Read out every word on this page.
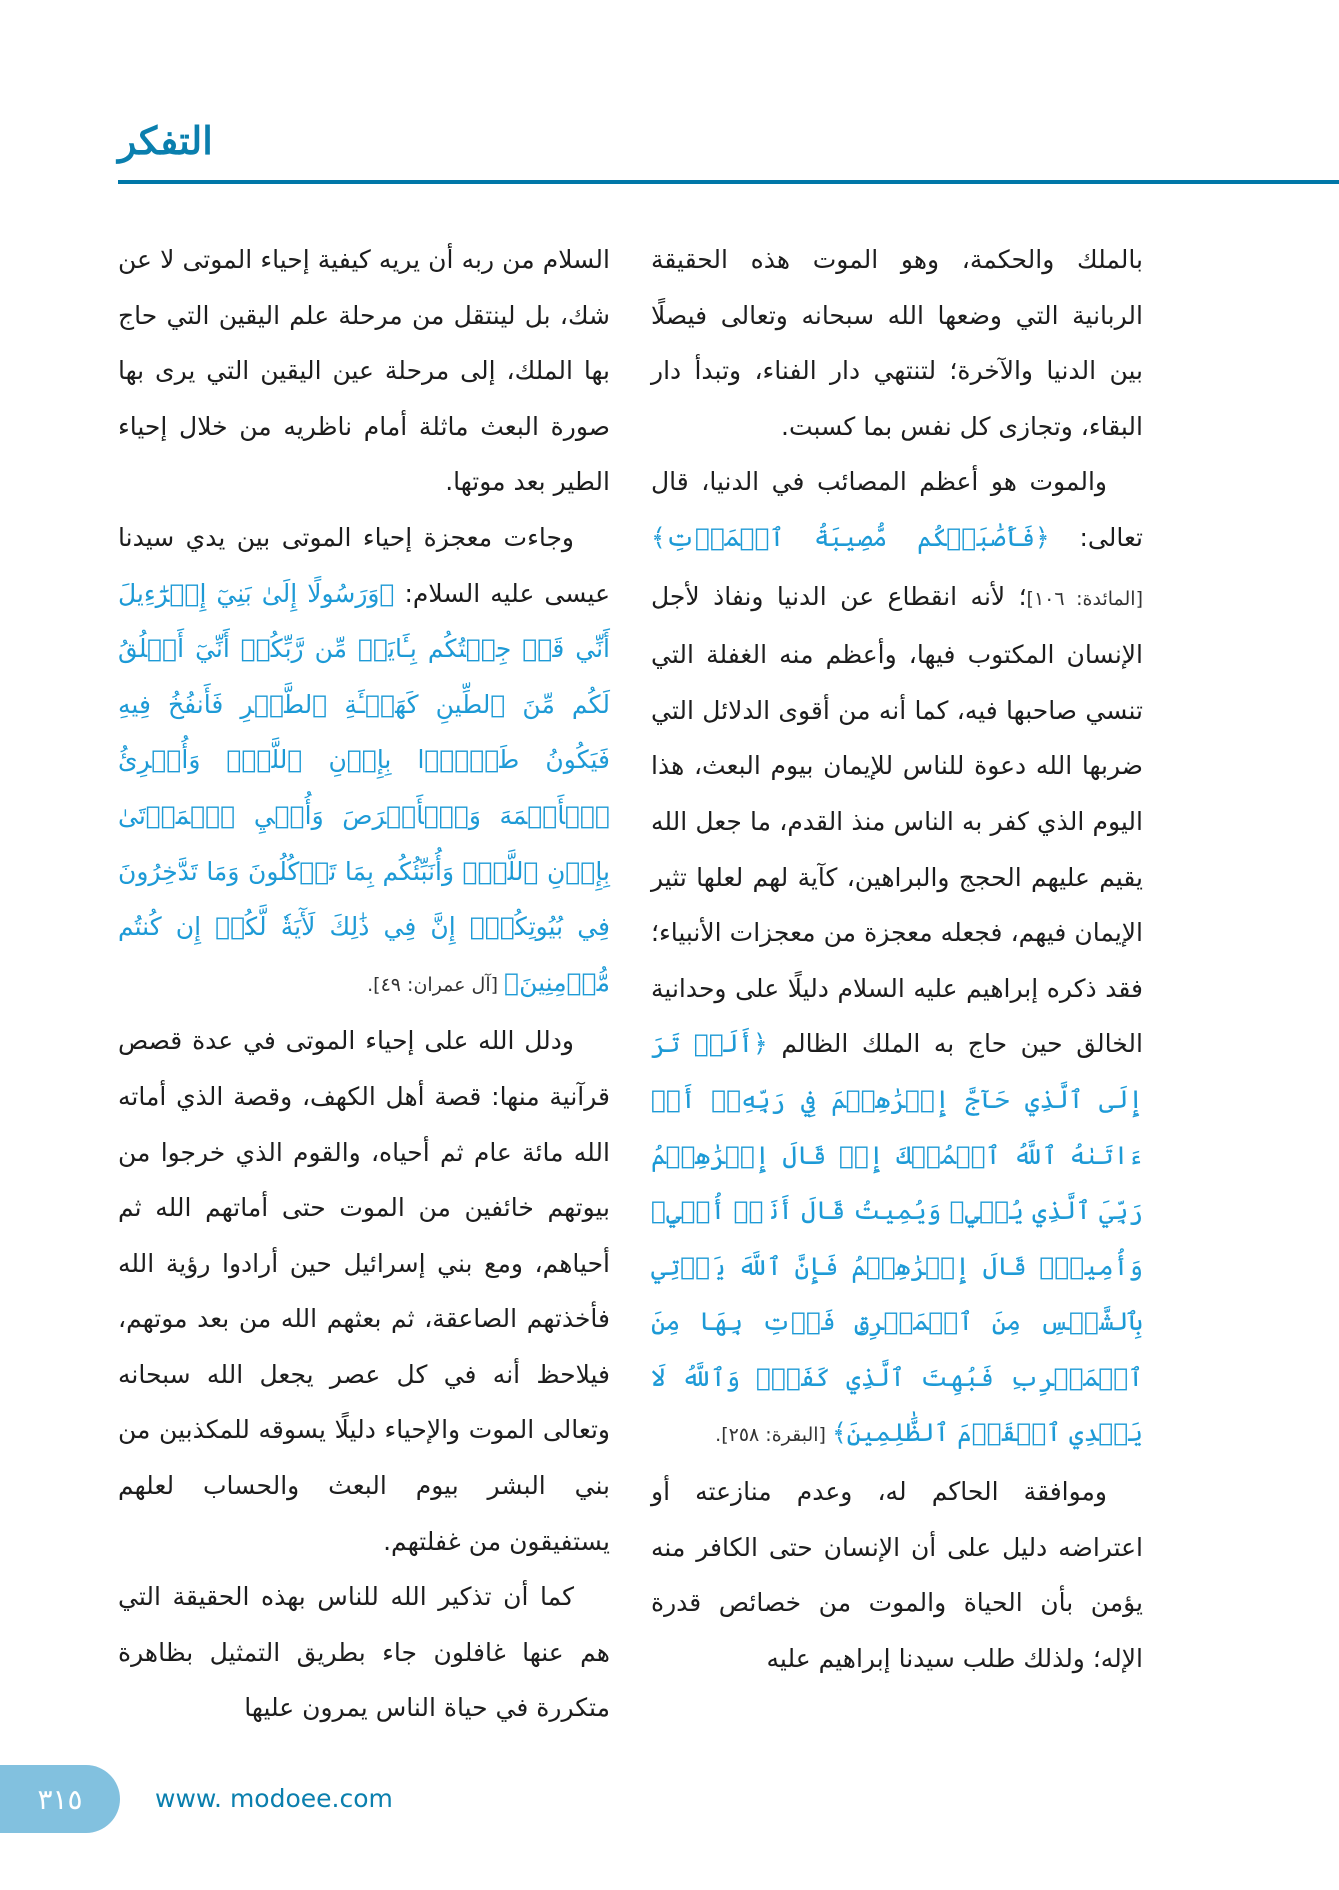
التفكر

بالملك والحكمة، وهو الموت هذه الحقيقة الربانية التي وضعها الله سبحانه وتعالى فيصلًا بين الدنيا والآخرة؛ لتنتهي دار الفناء، وتبدأ دار البقاء، وتجازى كل نفس بما كسبت.

والموت هو أعظم المصائب في الدنيا، قال تعالى: ﴿فَأَصَٰبَتۡكُم مُّصِيبَةُ ٱلۡمَوۡتِ﴾ [المائدة: ١٠٦]؛ لأنه انقطاع عن الدنيا ونفاذ لأجل الإنسان المكتوب فيها، وأعظم منه الغفلة التي تنسي صاحبها فيه، كما أنه من أقوى الدلائل التي ضربها الله دعوة للناس للإيمان بيوم البعث، هذا اليوم الذي كفر به الناس منذ القدم، ما جعل الله يقيم عليهم الحجج والبراهين، كآية لهم لعلها تثير الإيمان فيهم، فجعله معجزة من معجزات الأنبياء؛ فقد ذكره إبراهيم عليه السلام دليلًا على وحدانية الخالق حين حاج به الملك الظالم ﴿أَلَمۡ تَرَ إِلَى ٱلَّذِي حَآجَّ إِبۡرَٰهِـۧمَ فِي رَبِّهِۦٓ أَنۡ ءَاتَىٰهُ ٱللَّهُ ٱلۡمُلۡكَ إِذۡ قَالَ إِبۡرَٰهِـۧمُ رَبِّيَ ٱلَّذِي يُحۡيِۦ وَيُمِيتُ قَالَ أَنَا۠ أُحۡيِۦ وَأُمِيتُۖ قَالَ إِبۡرَٰهِـۧمُ فَإِنَّ ٱللَّهَ يَأۡتِي بِٱلشَّمۡسِ مِنَ ٱلۡمَشۡرِقِ فَأۡتِ بِهَا مِنَ ٱلۡمَغۡرِبِ فَبُهِتَ ٱلَّذِي كَفَرَۗ وَٱللَّهُ لَا يَهۡدِي ٱلۡقَوۡمَ ٱلظَّٰلِمِينَ﴾ [البقرة: ٢٥٨].

وموافقة الحاكم له، وعدم منازعته أو اعتراضه دليل على أن الإنسان حتى الكافر منه يؤمن بأن الحياة والموت من خصائص قدرة الإله؛ ولذلك طلب سيدنا إبراهيم عليه

السلام من ربه أن يريه كيفية إحياء الموتى لا عن شك، بل لينتقل من مرحلة علم اليقين التي حاج بها الملك، إلى مرحلة عين اليقين التي يرى بها صورة البعث ماثلة أمام ناظريه من خلال إحياء الطير بعد موتها.

وجاءت معجزة إحياء الموتى بين يدي سيدنا عيسى عليه السلام: ﴿وَرَسُولًا إِلَىٰ بَنِيٓ إِسۡرَٰٓءِيلَ أَنِّي قَدۡ جِئۡتُكُم بِـَٔايَةٖ مِّن رَّبِّكُمۡ أَنِّيٓ أَخۡلُقُ لَكُم مِّنَ ٱلطِّينِ كَهَيۡـَٔةِ ٱلطَّيۡرِ فَأَنفُخُ فِيهِ فَيَكُونُ طَيۡرَۢا بِإِذۡنِ ٱللَّهِۖ وَأُبۡرِئُ ٱلۡأَكۡمَهَ وَٱلۡأَبۡرَصَ وَأُحۡيِ ٱلۡمَوۡتَىٰ بِإِذۡنِ ٱللَّهِۖ وَأُنَبِّئُكُم بِمَا تَأۡكُلُونَ وَمَا تَدَّخِرُونَ فِي بُيُوتِكُمۡۚ إِنَّ فِي ذَٰلِكَ لَأٓيَةٗ لَّكُمۡ إِن كُنتُم مُّؤۡمِنِينَ﴾ [آل عمران: ٤٩].

ودلل الله على إحياء الموتى في عدة قصص قرآنية منها: قصة أهل الكهف، وقصة الذي أماته الله مائة عام ثم أحياه، والقوم الذي خرجوا من بيوتهم خائفين من الموت حتى أماتهم الله ثم أحياهم، ومع بني إسرائيل حين أرادوا رؤية الله فأخذتهم الصاعقة، ثم بعثهم الله من بعد موتهم، فيلاحظ أنه في كل عصر يجعل الله سبحانه وتعالى الموت والإحياء دليلًا يسوقه للمكذبين من بني البشر بيوم البعث والحساب لعلهم يستفيقون من غفلتهم.

كما أن تذكير الله للناس بهذه الحقيقة التي هم عنها غافلون جاء بطريق التمثيل بظاهرة متكررة في حياة الناس يمرون عليها

٣١٥	www. modoee.com
